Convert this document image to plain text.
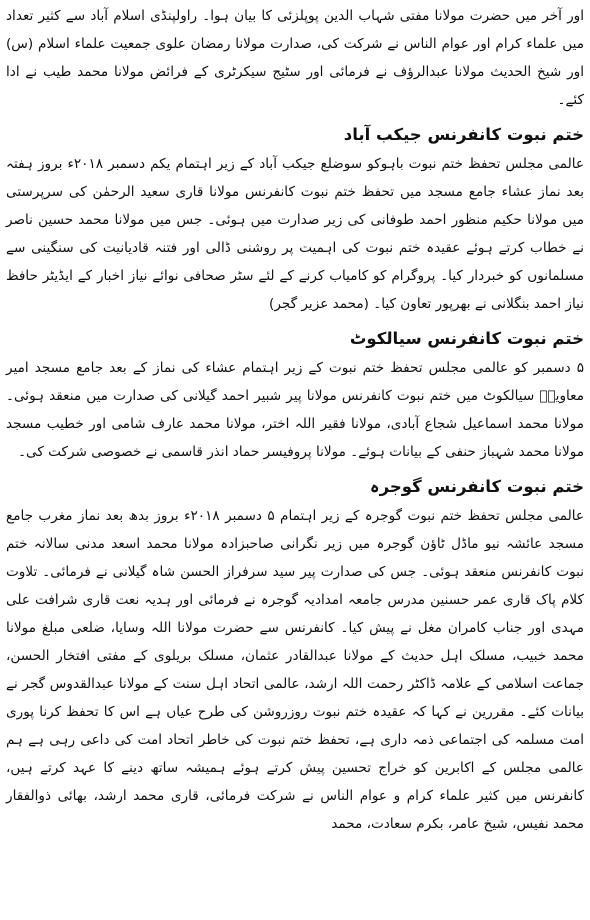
اور آخر میں حضرت مولانا مفتی شہاب الدین پوپلزئی کا بیان ہوا۔ راولپنڈی اسلام آباد سے کثیر تعداد میں علماء کرام اور عوام الناس نے شرکت کی، صدارت مولانا رمضان علوی جمعیت علماء اسلام (س) اور شیخ الحدیث مولانا عبدالرؤف نے فرمائی اور سٹیج سیکرٹری کے فرائض مولانا محمد طیب نے ادا کئے۔

ختم نبوت کانفرنس جیکب آباد

عالمی مجلس تحفظ ختم نبوت باہوکو سوضلع جیکب آباد کے زیر اہتمام یکم دسمبر ۲۰۱۸ء بروز ہفتہ بعد نماز عشاء جامع مسجد میں تحفظ ختم نبوت کانفرنس مولانا قاری سعید الرحمٰن کی سرپرستی میں مولانا حکیم منظور احمد طوفانی کی زیر صدارت میں ہوئی۔ جس میں مولانا محمد حسین ناصر نے خطاب کرتے ہوئے عقیدہ ختم نبوت کی اہمیت پر روشنی ڈالی اور فتنہ قادیانیت کی سنگینی سے مسلمانوں کو خبردار کیا۔ پروگرام کو کامیاب کرنے کے لئے سٹر صحافی نوائے نیاز اخبار کے ایڈیٹر حافظ نیاز احمد بنگلانی نے بھرپور تعاون کیا۔ (محمد عزیر گجر)

ختم نبوت کانفرنس سیالکوٹ

۵ دسمبر کو عالمی مجلس تحفظ ختم نبوت کے زیر اہتمام عشاء کی نماز کے بعد جامع مسجد امیر معاویہؓ سیالکوٹ میں ختم نبوت کانفرنس مولانا پیر شبیر احمد گیلانی کی صدارت میں منعقد ہوئی۔ مولانا محمد اسماعیل شجاع آبادی، مولانا فقیر اللہ اختر، مولانا محمد عارف شامی اور خطیب مسجد مولانا محمد شہباز حنفی کے بیانات ہوئے۔ مولانا پروفیسر حماد انذر قاسمی نے خصوصی شرکت کی۔

ختم نبوت کانفرنس گوجرہ

عالمی مجلس تحفظ ختم نبوت گوجرہ کے زیر اہتمام ۵ دسمبر ۲۰۱۸ء بروز بدھ بعد نماز مغرب جامع مسجد عائشہ نیو ماڈل ٹاؤن گوجرہ میں زیر نگرانی صاحبزادہ مولانا محمد اسعد مدنی سالانہ ختم نبوت کانفرنس منعقد ہوئی۔ جس کی صدارت پیر سید سرفراز الحسن شاہ گیلانی نے فرمائی۔ تلاوت کلام پاک قاری عمر حسنین مدرس جامعہ امدادیہ گوجرہ نے فرمائی اور ہدیہ نعت قاری شرافت علی مہدی اور جناب کامران مغل نے پیش کیا۔ کانفرنس سے حضرت مولانا اللہ وسایا، ضلعی مبلغ مولانا محمد خبیب، مسلک اہل حدیث کے مولانا عبدالقادر عثمان، مسلک بریلوی کے مفتی افتخار الحسن، جماعت اسلامی کے علامہ ڈاکٹر رحمت اللہ ارشد، عالمی اتحاد اہل سنت کے مولانا عبدالقدوس گجر نے بیانات کئے۔ مقررین نے کہا کہ عقیدہ ختم نبوت روزروشن کی طرح عیاں ہے اس کا تحفظ کرنا پوری امت مسلمہ کی اجتماعی ذمہ داری ہے، تحفظ ختم نبوت کی خاطر اتحاد امت کی داعی رہی ہے ہم عالمی مجلس کے اکابرین کو خراج تحسین پیش کرتے ہوئے ہمیشہ ساتھ دینے کا عہد کرتے ہیں، کانفرنس میں کثیر علماء کرام و عوام الناس نے شرکت فرمائی، قاری محمد ارشد، بھائی ذوالفقار محمد نفیس، شیخ عامر، بکرم سعادت، محمد
